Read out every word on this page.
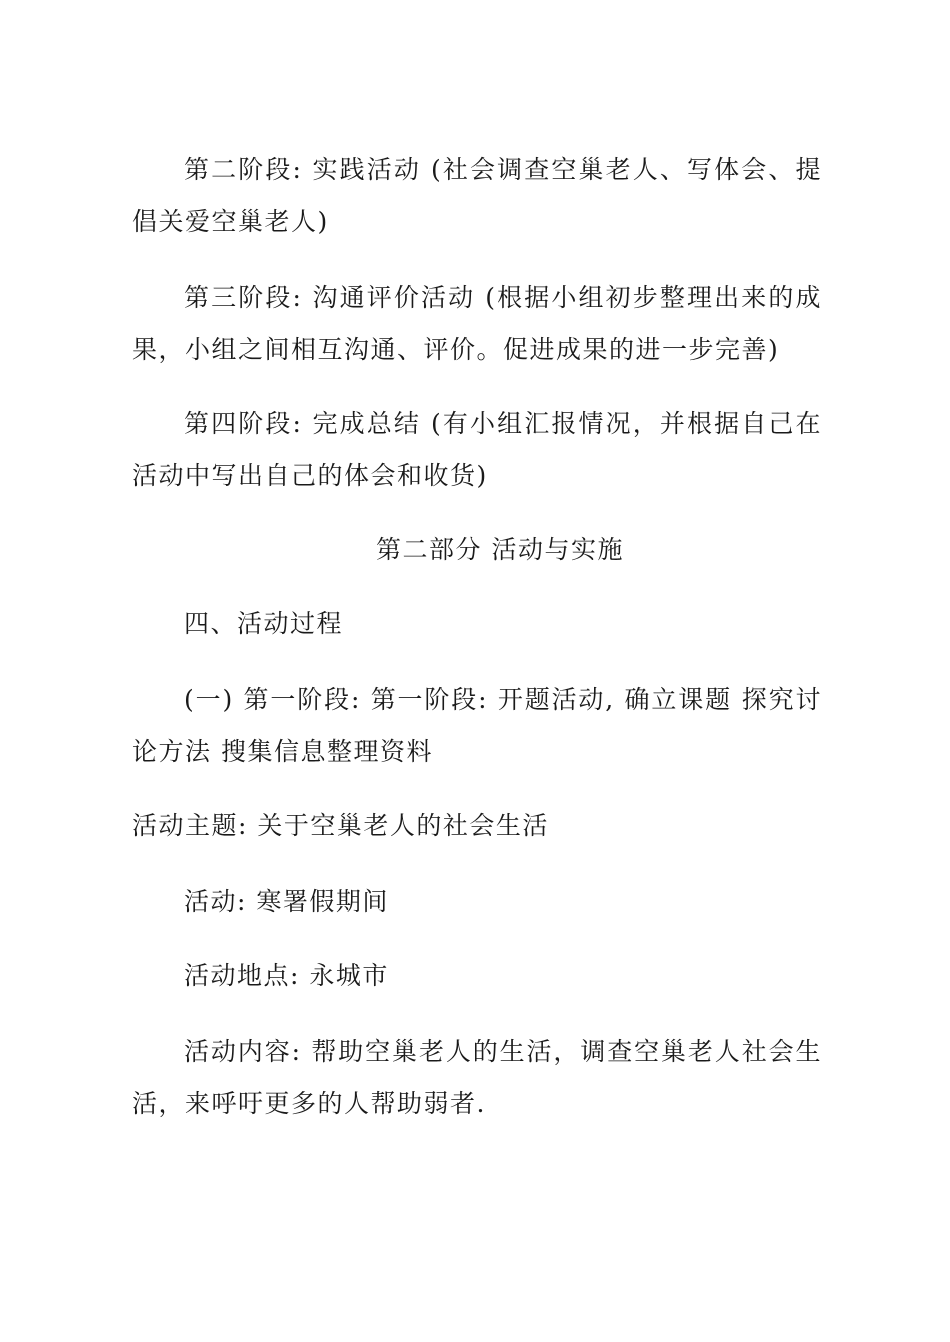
第二阶段: 实践活动 (社会调查空巢老人、写体会、提倡关爱空巢老人)

第三阶段: 沟通评价活动 (根据小组初步整理出来的成果，小组之间相互沟通、评价。促进成果的进一步完善)

第四阶段: 完成总结 (有小组汇报情况，并根据自己在活动中写出自己的体会和收货)

第二部分 活动与实施

四、活动过程

(一) 第一阶段: 第一阶段: 开题活动, 确立课题 探究讨论方法 搜集信息整理资料

活动主题: 关于空巢老人的社会生活

活动: 寒署假期间

活动地点: 永城市

活动内容: 帮助空巢老人的生活，调查空巢老人社会生活，来呼吁更多的人帮助弱者.
